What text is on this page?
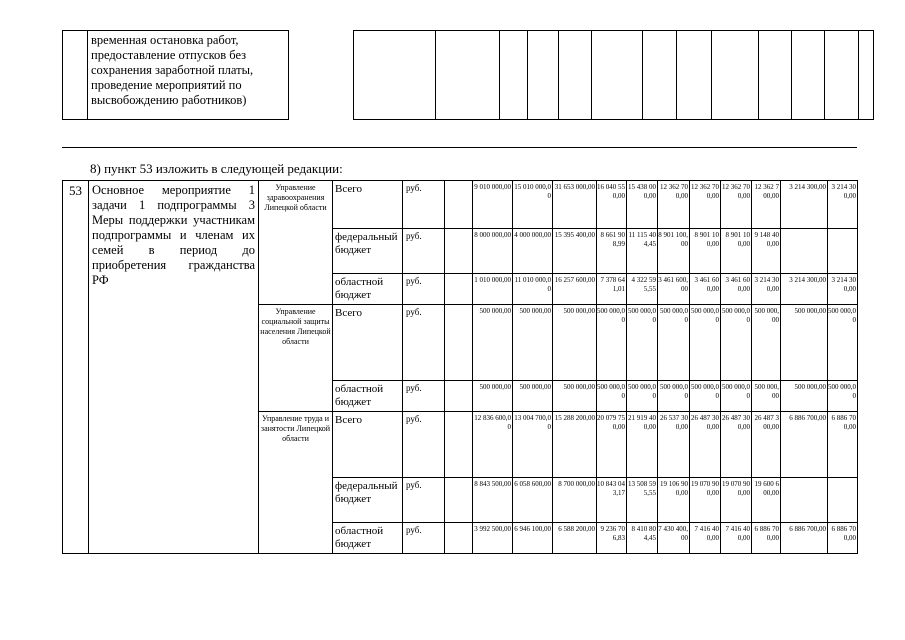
временная остановка работ, предоставление отпусков без сохранения заработной платы, проведение мероприятий по высвобождению работников)

8) пункт 53 изложить в следующей редакции:
53	Основное мероприятие 1 задачи 1 подпрограммы 3 Меры поддержки участникам подпрограммы и членам их семей в период до приобретения гражданства РФ	Управление здравоохранения Липецкой области	Всего	руб.		9 010 000,00	15 010 000,00	31 653 000,00	16 040 550,00	15 438 000,00	12 362 700,00	12 362 700,00	12 362 700,00	12 362 700,00	3 214 300,00	3 214 300,00
			федеральный бюджет	руб.		8 000 000,00	4 000 000,00	15 395 400,00	8 661 908,99	11 115 404,45	8 901 100,00	8 901 100,00	8 901 100,00	9 148 400,00		
			областной бюджет	руб.		1 010 000,00	11 010 000,00	16 257 600,00	7 378 641,01	4 322 595,55	3 461 600,00	3 461 600,00	3 461 600,00	3 214 300,00	3 214 300,00	3 214 300,00
		Управление социальной защиты населения Липецкой области	Всего	руб.		500 000,00	500 000,00	500 000,00	500 000,00	500 000,00	500 000,00	500 000,00	500 000,00	500 000,00	500 000,00	500 000,00
			областной бюджет	руб.		500 000,00	500 000,00	500 000,00	500 000,00	500 000,00	500 000,00	500 000,00	500 000,00	500 000,00	500 000,00	500 000,00
		Управление труда и занятости Липецкой области	Всего	руб.		12 836 600,00	13 004 700,00	15 288 200,00	20 079 750,00	21 919 400,00	26 537 300,00	26 487 300,00	26 487 300,00	26 487 300,00	6 886 700,00	6 886 700,00
			федеральный бюджет	руб.		8 843 500,00	6 058 600,00	8 700 000,00	10 843 043,17	13 508 595,55	19 106 900,00	19 070 900,00	19 070 900,00	19 600 600,00		
			областной бюджет	руб.		3 992 500,00	6 946 100,00	6 588 200,00	9 236 706,83	8 410 804,45	7 430 400,00	7 416 400,00	7 416 400,00	6 886 700,00	6 886 700,00	6 886 700,00
